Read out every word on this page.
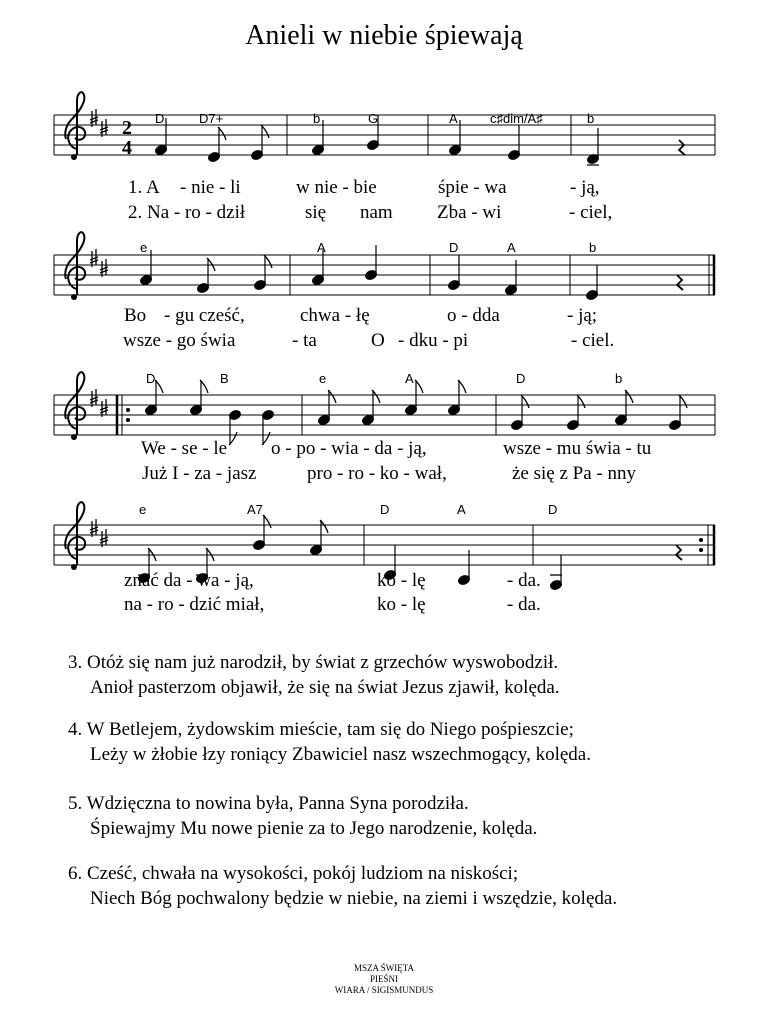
Anieli w niebie śpiewają
2
4
D	D7+	b	G	A c♯dim/A♯	b
e	A	D	A	b
D	B	e	A	D	b
e	A7	D	A	D
1. A - nie - li	w nie - bie	śpie - wa	- ją,
2. Na - ro - dził	się nam Zba - wi	- ciel,
Bo - gu cześć,	chwa - łę	o - dda	- ją;
wsze - go świa	- ta	O - dku - pi	- ciel.
We - se - le o - po - wia - da - ją,	wsze - mu świa - tu
Już I - za - jasz	pro - ro - ko - wał,	że się z Pa - nny
znać da - wa - ją,	ko - lę	- da.
na - ro - dzić miał,	ko - lę	- da.
3. Otóż się nam już narodził, by świat z grzechów wyswobodził.
Anioł pasterzom objawił, że się na świat Jezus zjawił, kolęda.
4. W Betlejem, żydowskim mieście, tam się do Niego pośpieszcie;
Leży w żłobie łzy roniący Zbawiciel nasz wszechmogący, kolęda.
5. Wdzięczna to nowina była, Panna Syna porodziła.
Śpiewajmy Mu nowe pienie za to Jego narodzenie, kolęda.
6. Cześć, chwała na wysokości, pokój ludziom na niskości;
Niech Bóg pochwalony będzie w niebie, na ziemi i wszędzie, kolęda.
MSZA ŚWIĘTA
PIEŚNI
WIARA / SIGISMUNDUS
